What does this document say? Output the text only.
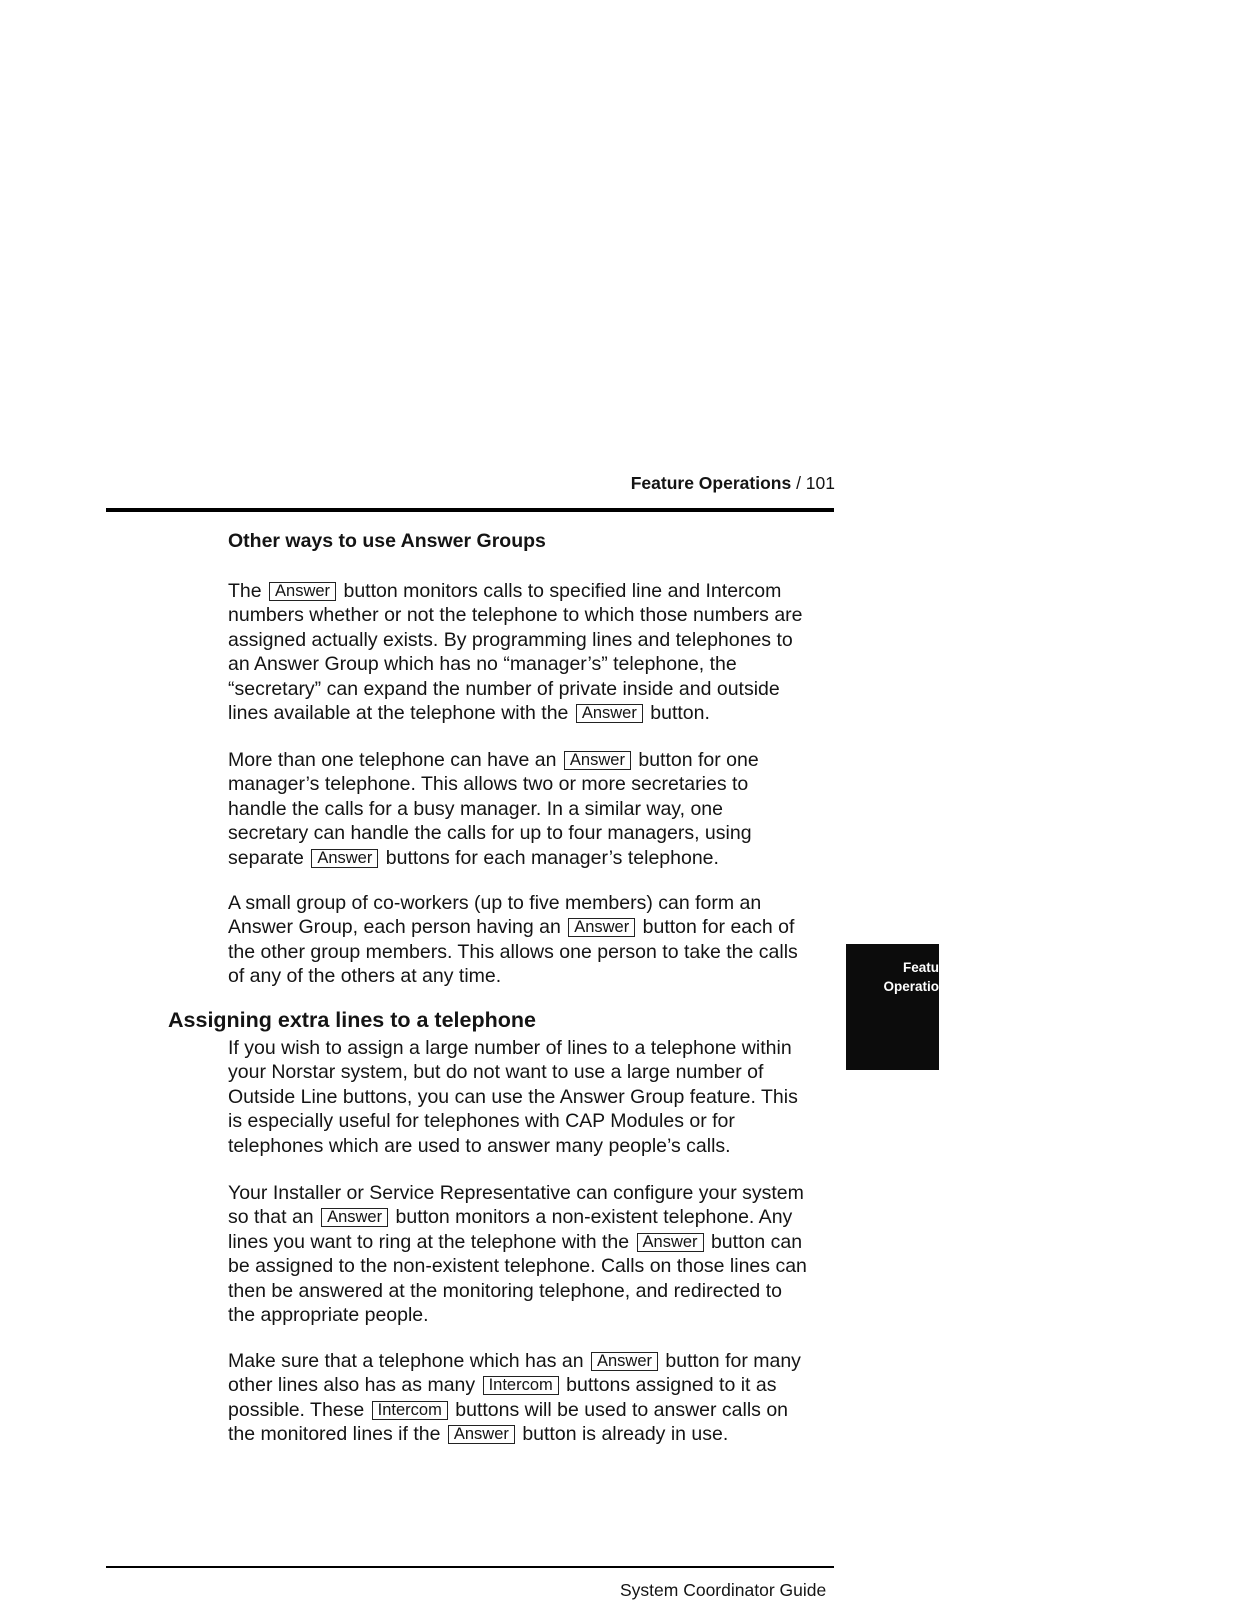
Feature Operations / 101
Other ways to use Answer Groups

The Answer button monitors calls to specified line and Intercom
numbers whether or not the telephone to which those numbers are
assigned actually exists. By programming lines and telephones to
an Answer Group which has no “manager’s” telephone, the
“secretary” can expand the number of private inside and outside
lines available at the telephone with the Answer button.

More than one telephone can have an Answer button for one
manager’s telephone. This allows two or more secretaries to
handle the calls for a busy manager. In a similar way, one
secretary can handle the calls for up to four managers, using
separate Answer buttons for each manager’s telephone.

A small group of co-workers (up to five members) can form an
Answer Group, each person having an Answer button for each of
the other group members. This allows one person to take the calls
of any of the others at any time.

Assigning extra lines to a telephone

If you wish to assign a large number of lines to a telephone within
your Norstar system, but do not want to use a large number of
Outside Line buttons, you can use the Answer Group feature. This
is especially useful for telephones with CAP Modules or for
telephones which are used to answer many people’s calls.

Your Installer or Service Representative can configure your system
so that an Answer button monitors a non-existent telephone. Any
lines you want to ring at the telephone with the Answer button can
be assigned to the non-existent telephone. Calls on those lines can
then be answered at the monitoring telephone, and redirected to
the appropriate people.

Make sure that a telephone which has an Answer button for many
other lines also has as many Intercom buttons assigned to it as
possible. These Intercom buttons will be used to answer calls on
the monitored lines if the Answer button is already in use.

Featu
Operatio
System Coordinator Guide
